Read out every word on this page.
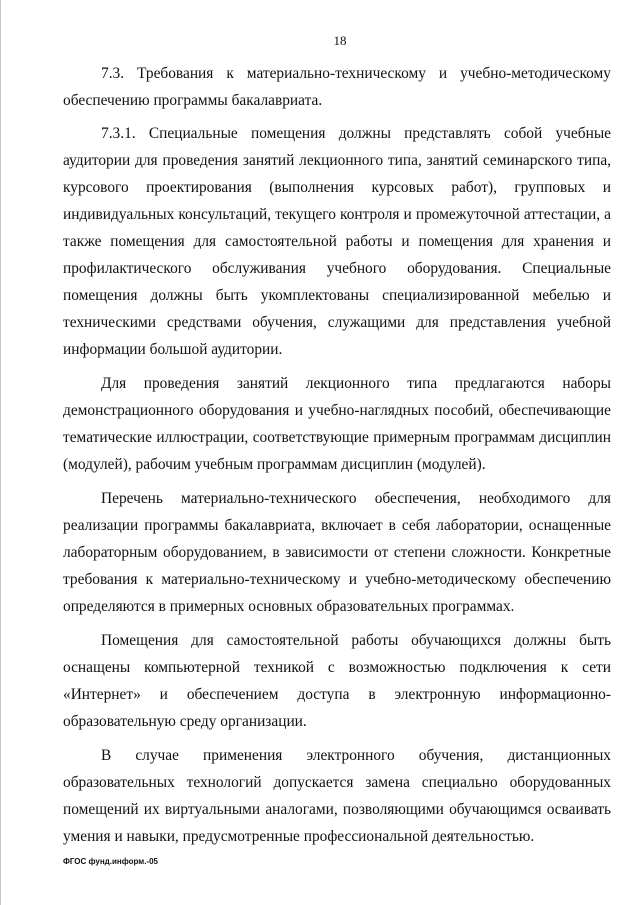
18

7.3. Требования к материально-техническому и учебно-методическому обеспечению программы бакалавриата.

7.3.1. Специальные помещения должны представлять собой учебные аудитории для проведения занятий лекционного типа, занятий семинарского типа, курсового проектирования (выполнения курсовых работ), групповых и индивидуальных консультаций, текущего контроля и промежуточной аттестации, а также помещения для самостоятельной работы и помещения для хранения и профилактического обслуживания учебного оборудования. Специальные помещения должны быть укомплектованы специализированной мебелью и техническими средствами обучения, служащими для представления учебной информации большой аудитории.

Для проведения занятий лекционного типа предлагаются наборы демонстрационного оборудования и учебно-наглядных пособий, обеспечивающие тематические иллюстрации, соответствующие примерным программам дисциплин (модулей), рабочим учебным программам дисциплин (модулей).

Перечень материально-технического обеспечения, необходимого для реализации программы бакалавриата, включает в себя лаборатории, оснащенные лабораторным оборудованием, в зависимости от степени сложности. Конкретные требования к материально-техническому и учебно-методическому обеспечению определяются в примерных основных образовательных программах.

Помещения для самостоятельной работы обучающихся должны быть оснащены компьютерной техникой с возможностью подключения к сети «Интернет» и обеспечением доступа в электронную информационно-образовательную среду организации.

В случае применения электронного обучения, дистанционных образовательных технологий допускается замена специально оборудованных помещений их виртуальными аналогами, позволяющими обучающимся осваивать умения и навыки, предусмотренные профессиональной деятельностью.

ФГОС фунд.информ.-05
